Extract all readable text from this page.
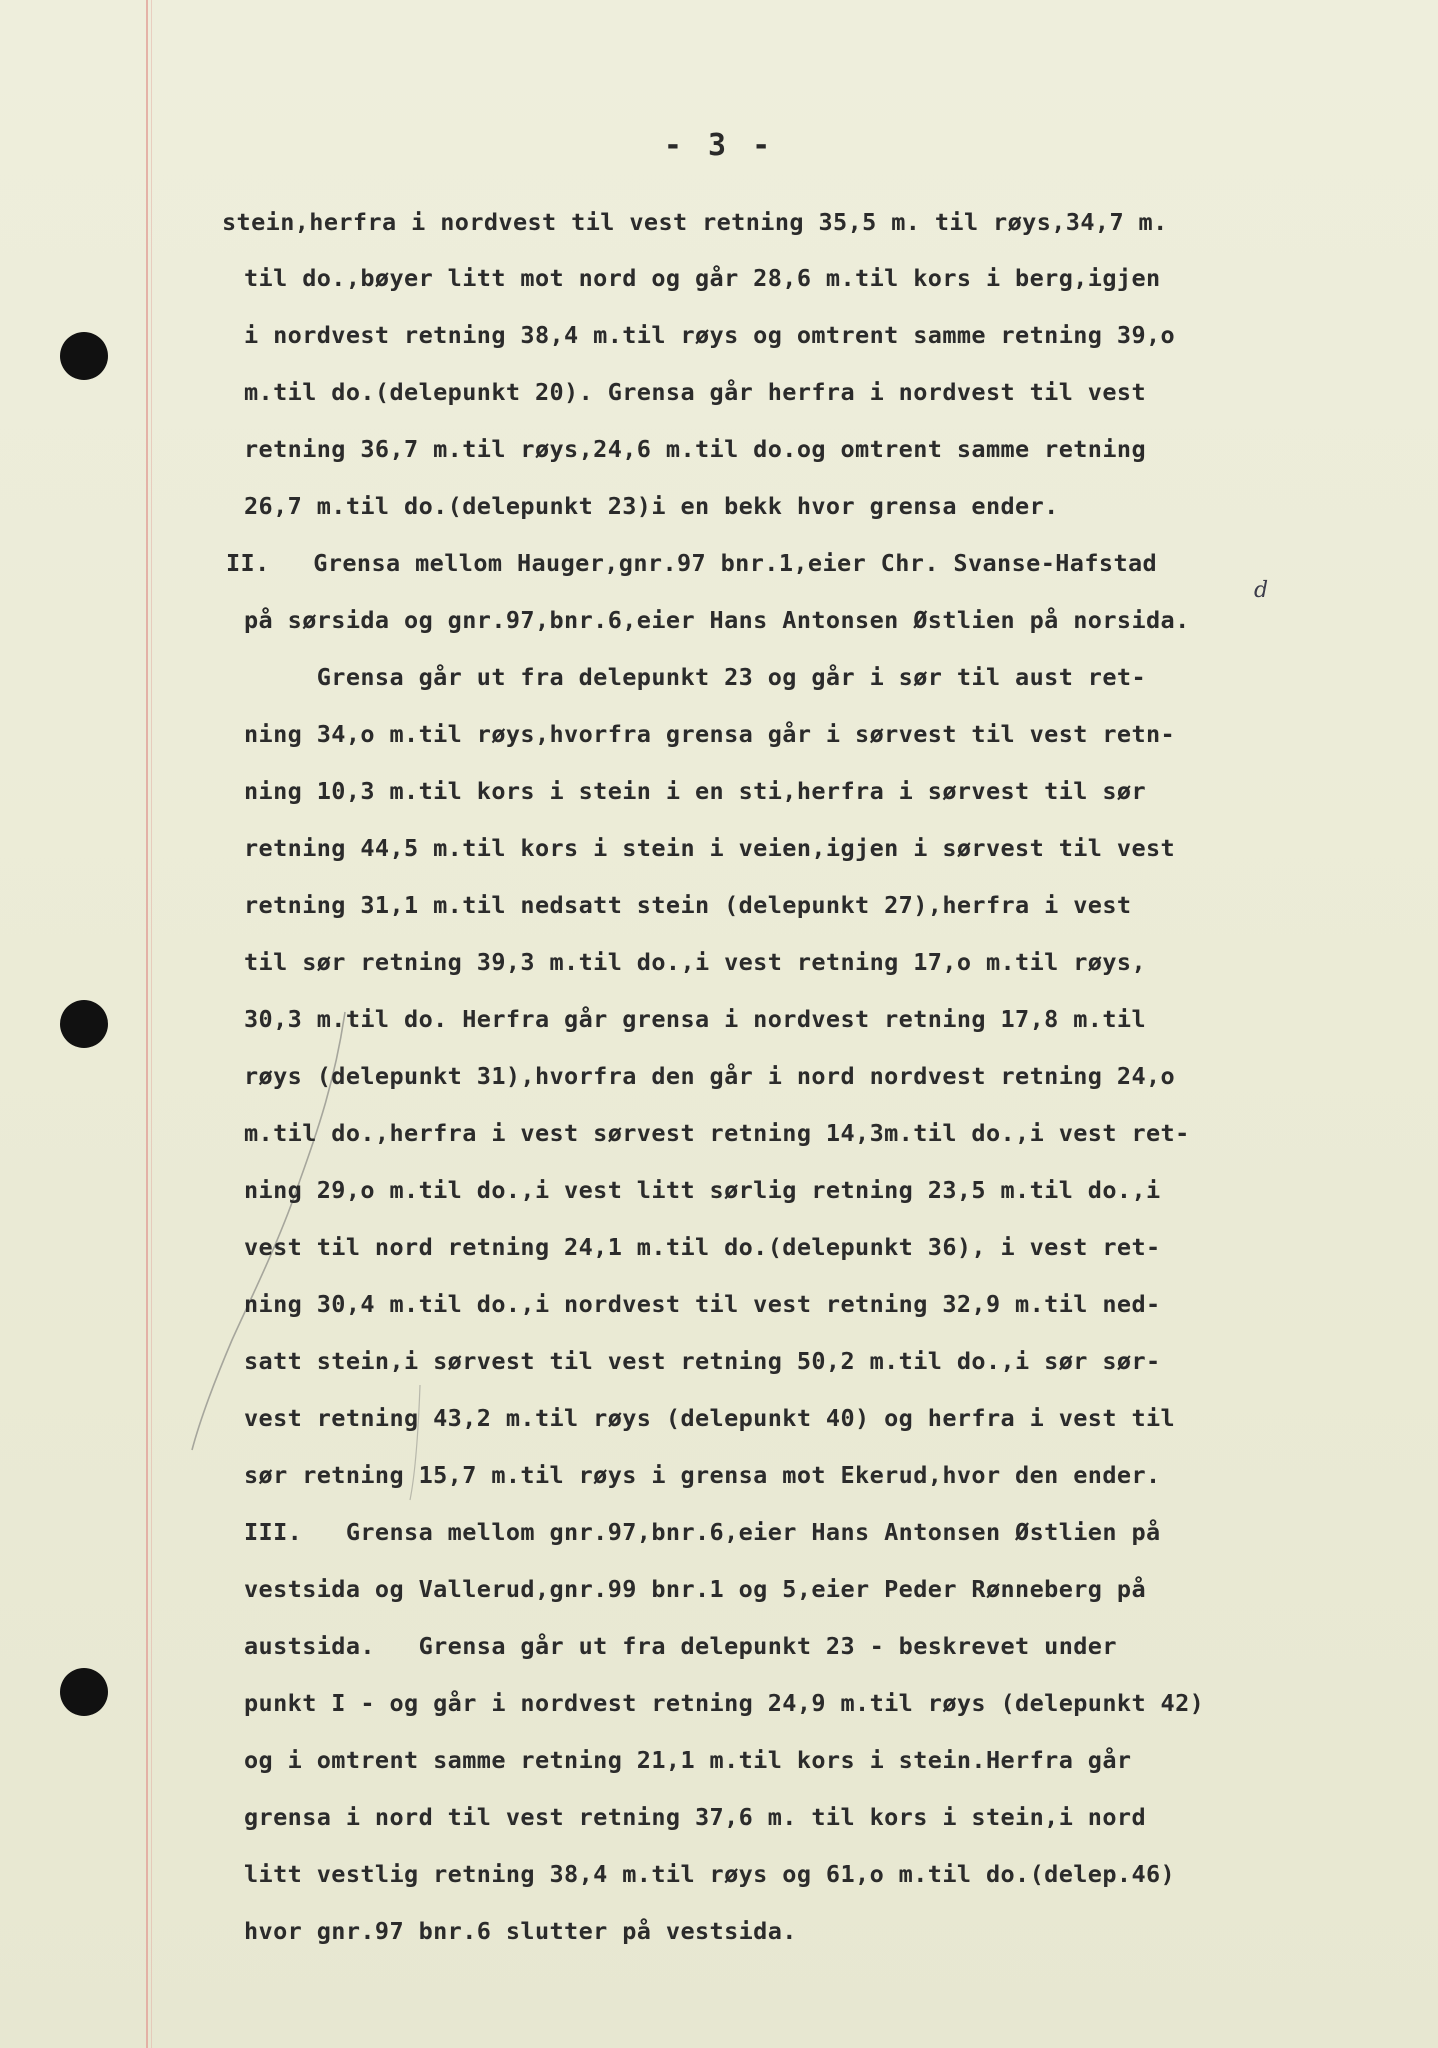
- 3 -
d
stein,herfra i nordvest til vest retning 35,5 m. til røys,34,7 m.
til do.,bøyer litt mot nord og går 28,6 m.til kors i berg,igjen
i nordvest retning 38,4 m.til røys og omtrent samme retning 39,o
m.til do.(delepunkt 20). Grensa går herfra i nordvest til vest
retning 36,7 m.til røys,24,6 m.til do.og omtrent samme retning
26,7 m.til do.(delepunkt 23)i en bekk hvor grensa ender.
II.   Grensa mellom Hauger,gnr.97 bnr.1,eier Chr. Svanse-Hafstad
på sørsida og gnr.97,bnr.6,eier Hans Antonsen Østlien på norsida.
Grensa går ut fra delepunkt 23 og går i sør til aust ret-
ning 34,o m.til røys,hvorfra grensa går i sørvest til vest retn-
ning 10,3 m.til kors i stein i en sti,herfra i sørvest til sør
retning 44,5 m.til kors i stein i veien,igjen i sørvest til vest
retning 31,1 m.til nedsatt stein (delepunkt 27),herfra i vest
til sør retning 39,3 m.til do.,i vest retning 17,o m.til røys,
30,3 m.til do. Herfra går grensa i nordvest retning 17,8 m.til
røys (delepunkt 31),hvorfra den går i nord nordvest retning 24,o
m.til do.,herfra i vest sørvest retning 14,3m.til do.,i vest ret-
ning 29,o m.til do.,i vest litt sørlig retning 23,5 m.til do.,i
vest til nord retning 24,1 m.til do.(delepunkt 36), i vest ret-
ning 30,4 m.til do.,i nordvest til vest retning 32,9 m.til ned-
satt stein,i sørvest til vest retning 50,2 m.til do.,i sør sør-
vest retning 43,2 m.til røys (delepunkt 40) og herfra i vest til
sør retning 15,7 m.til røys i grensa mot Ekerud,hvor den ender.
III.   Grensa mellom gnr.97,bnr.6,eier Hans Antonsen Østlien på
vestsida og Vallerud,gnr.99 bnr.1 og 5,eier Peder Rønneberg på
austsida.   Grensa går ut fra delepunkt 23 - beskrevet under
punkt I - og går i nordvest retning 24,9 m.til røys (delepunkt 42)
og i omtrent samme retning 21,1 m.til kors i stein.Herfra går
grensa i nord til vest retning 37,6 m. til kors i stein,i nord
litt vestlig retning 38,4 m.til røys og 61,o m.til do.(delep.46)
hvor gnr.97 bnr.6 slutter på vestsida.
